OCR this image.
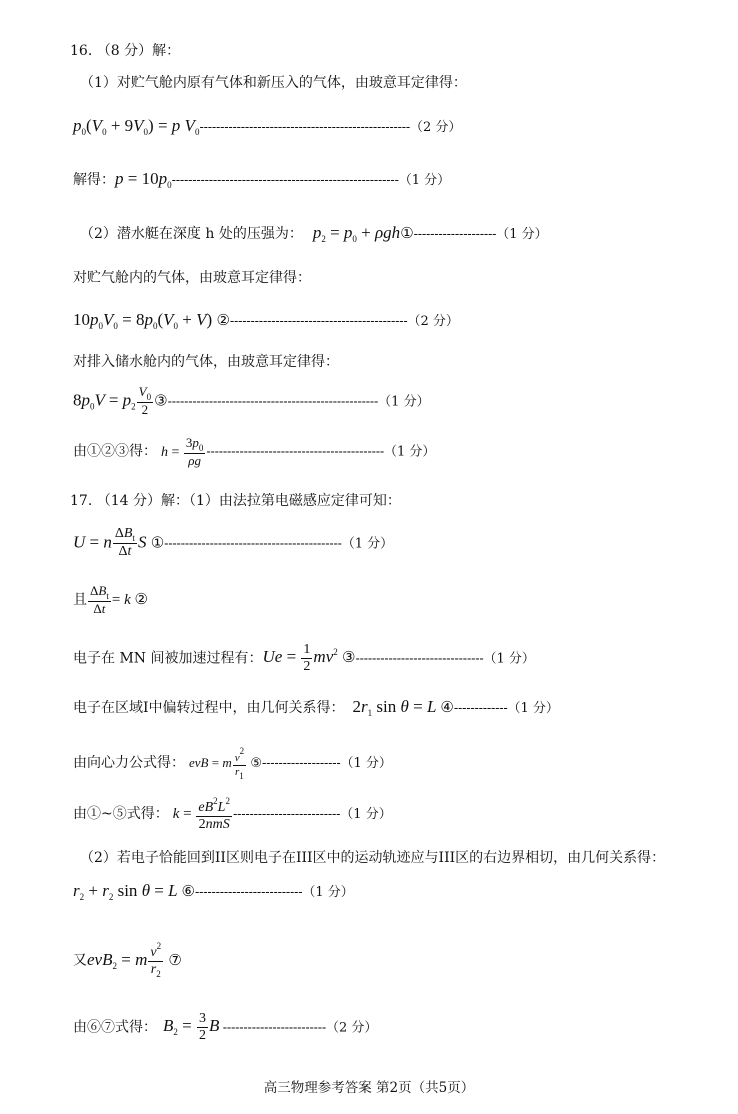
16. （8 分）解：
（1）对贮气舱内原有气体和新压入的气体，由玻意耳定律得：
$p_0(V_0 + 9V_0) = p$ $V_0---------------------------------------------------(2$ 分）
解得：$p = 10p_0-------------------------------------------------------(1$ 分）
（2）潜水艇在深度 h 处的压强为： $p_2 = p_0$ + ρgh①--------------------（1 分）
对贮气舱内的气体，由玻意耳定律得：
$10p_0V_0 = 8p_0(V_0 + V)$ ②-------------------------------------------（2 分）
对排入储水舱内的气体，由玻意耳定律得：
$8p_0V = p_2 \frac{V_0}{2}$ ③---------------------------------------------------（1 分）
由①②③得： $h = \frac{3p_0}{\rho g} -------------------------------------------(1$ 分）
17. （14 分）解：（1）由法拉第电磁感应定律可知：
U = n $\frac{\Delta B_t}{\Delta t}$ S ①-------------------------------------------（1 分）
且 $\frac{\Delta B_t}{\Delta t} = k$ ②
电子在 MN 间被加速过程有：$Ue = \frac{1}{2} mv^2$ ③-------------------------------（1 分）
电子在区域I中偏转过程中，由几何关系得： $2r_1$ sin θ = L ④-------------（1 分）
由向心力公式得： evB = m $\frac{v^2}{r_1}$ ⑤-------------------（1 分）
由①~⑤式得： $k = \frac{eB^2L^2}{\text{2nmS}} --------------------------(1$ 分）
（2）若电子恰能回到II区则电子在III区中的运动轨迹应与III区的右边界相切，由几何关系得：
$r_2 + r_2$ sin θ = L ⑥--------------------------（1 分）
又evB$_2$ = m $\frac{v^2}{r_2}$ ⑦
由⑥⑦式得： $B_2 = \frac{3}{2}$ B -------------------------（2 分）
高三物理参考答案 第2页（共5页）
